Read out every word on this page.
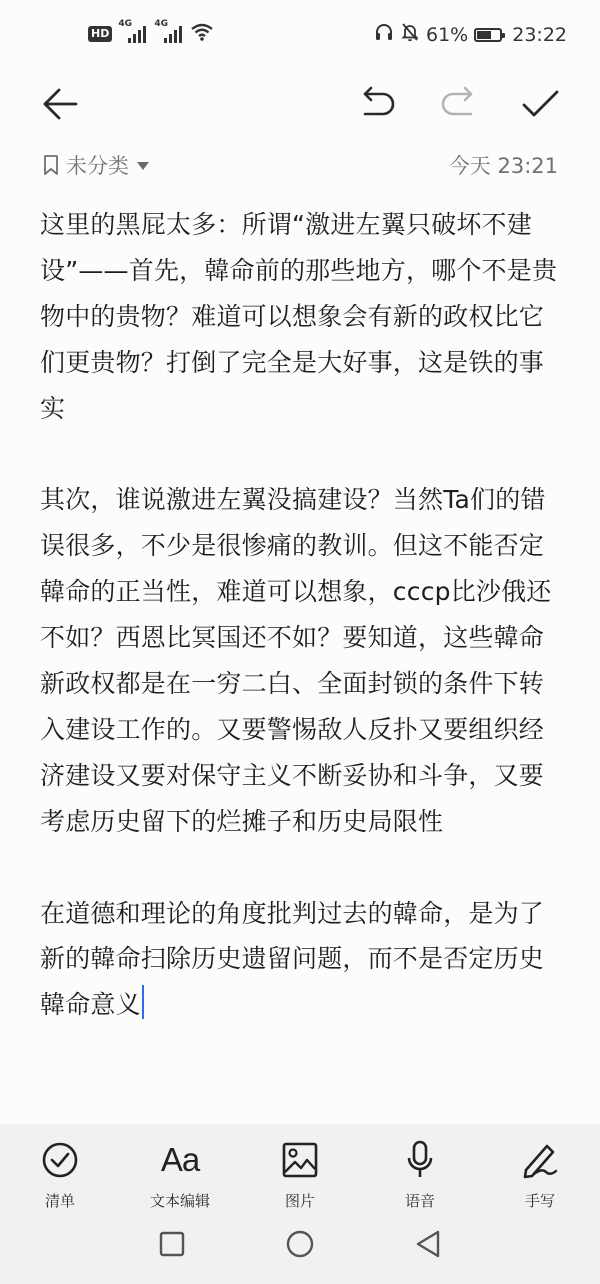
HD
4G 4G	61% 23:22
未分类	今天 23:21

这里的黑屁太多：所谓“激进左翼只破坏不建设”——首先，韓命前的那些地方，哪个不是贵物中的贵物？难道可以想象会有新的政权比它们更贵物？打倒了完全是大好事，这是铁的事实

其次，谁说激进左翼没搞建设？当然Ta们的错误很多，不少是很惨痛的教训。但这不能否定韓命的正当性，难道可以想象，cccp比沙俄还不如？西恩比冥国还不如？要知道，这些韓命新政权都是在一穷二白、全面封锁的条件下转入建设工作的。又要警惕敌人反扑又要组织经济建设又要对保守主义不断妥协和斗争，又要考虑历史留下的烂摊子和历史局限性

在道德和理论的角度批判过去的韓命，是为了新的韓命扫除历史遗留问题，而不是否定历史韓命意义

清单
Aa
文本编辑	图片	语音	手写
